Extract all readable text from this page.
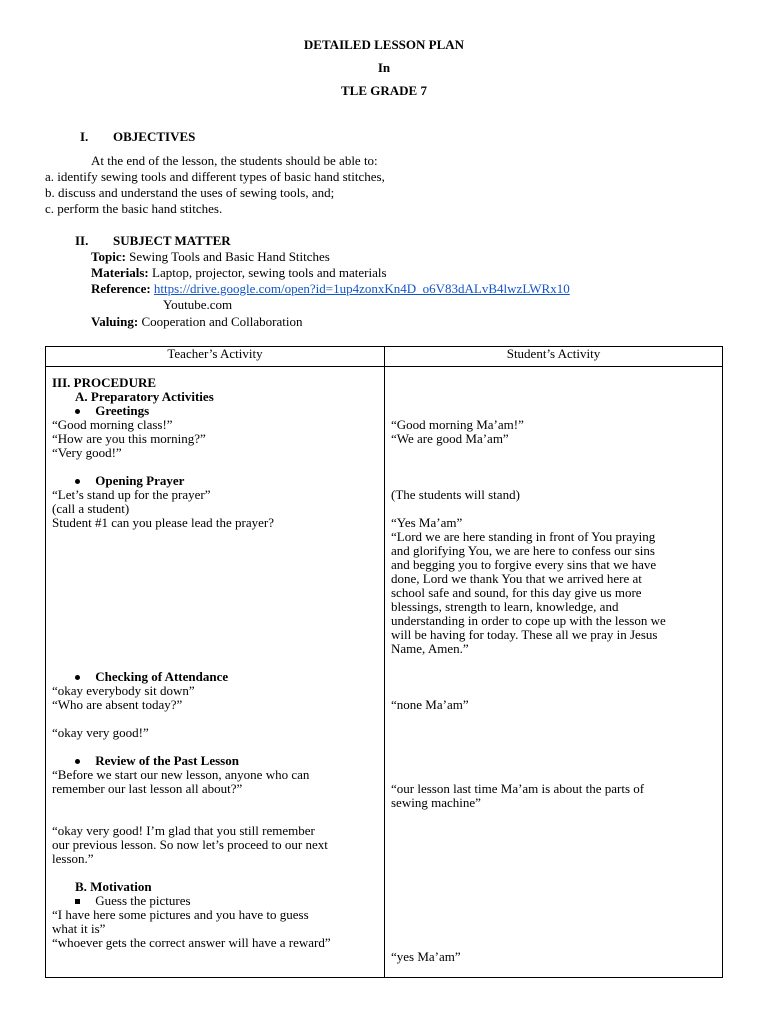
DETAILED LESSON PLAN
In
TLE GRADE 7
I. OBJECTIVES
At the end of the lesson, the students should be able to:
a. identify sewing tools and different types of basic hand stitches,
b. discuss and understand the uses of sewing tools, and;
c. perform the basic hand stitches.
II. SUBJECT MATTER
Topic: Sewing Tools and Basic Hand Stitches
Materials: Laptop, projector, sewing tools and materials
Reference: https://drive.google.com/open?id=1up4zonxKn4D_o6V83dALvB4lwzLWRx10
Youtube.com
Valuing: Cooperation and Collaboration
Teacher’s Activity	Student’s Activity
III. PROCEDURE
A. Preparatory Activities
Greetings
“Good morning class!”
“How are you this morning?”
“Very good!”
“Good morning Ma’am!”
“We are good Ma’am”
Opening Prayer
“Let’s stand up for the prayer”
(call a student)
Student #1 can you please lead the prayer?
(The students will stand)
“Yes Ma’am”
“Lord we are here standing in front of You praying
and glorifying You, we are here to confess our sins
and begging you to forgive every sins that we have
done, Lord we thank You that we arrived here at
school safe and sound, for this day give us more
blessings, strength to learn, knowledge, and
understanding in order to cope up with the lesson we
will be having for today. These all we pray in Jesus
Name, Amen.”
Checking of Attendance
“okay everybody sit down”
“Who are absent today?”
“okay very good!”
“none Ma’am”
Review of the Past Lesson
“Before we start our new lesson, anyone who can
remember our last lesson all about?”	“our lesson last time Ma’am is about the parts of
sewing machine”
“okay very good! I’m glad that you still remember
our previous lesson. So now let’s proceed to our next
lesson.”
B. Motivation
Guess the pictures
“I have here some pictures and you have to guess
what it is”
“whoever gets the correct answer will have a reward”
“yes Ma’am”
